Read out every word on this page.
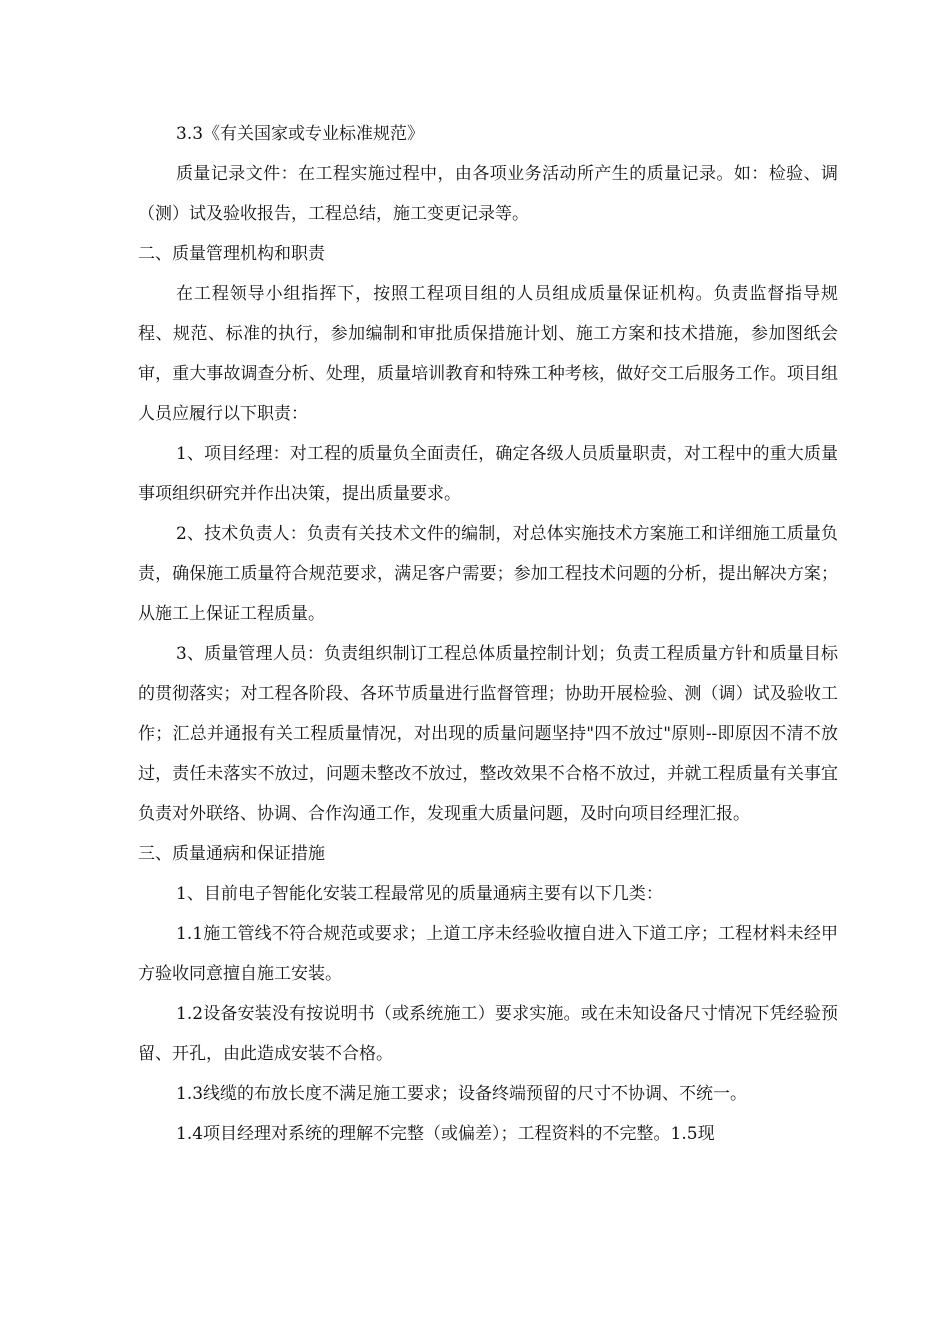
3.3《有关国家或专业标准规范》

质量记录文件：在工程实施过程中，由各项业务活动所产生的质量记录。如：检验、调（测）试及验收报告，工程总结，施工变更记录等。

二、质量管理机构和职责

在工程领导小组指挥下，按照工程项目组的人员组成质量保证机构。负责监督指导规程、规范、标准的执行，参加编制和审批质保措施计划、施工方案和技术措施，参加图纸会审，重大事故调查分析、处理，质量培训教育和特殊工种考核，做好交工后服务工作。项目组人员应履行以下职责：

1、项目经理：对工程的质量负全面责任，确定各级人员质量职责，对工程中的重大质量事项组织研究并作出决策，提出质量要求。

2、技术负责人：负责有关技术文件的编制，对总体实施技术方案施工和详细施工质量负责，确保施工质量符合规范要求，满足客户需要；参加工程技术问题的分析，提出解决方案；从施工上保证工程质量。

3、质量管理人员：负责组织制订工程总体质量控制计划；负责工程质量方针和质量目标的贯彻落实；对工程各阶段、各环节质量进行监督管理；协助开展检验、测（调）试及验收工作；汇总并通报有关工程质量情况，对出现的质量问题坚持"四不放过"原则--即原因不清不放过，责任未落实不放过，问题未整改不放过，整改效果不合格不放过，并就工程质量有关事宜负责对外联络、协调、合作沟通工作，发现重大质量问题，及时向项目经理汇报。

三、质量通病和保证措施

1、目前电子智能化安装工程最常见的质量通病主要有以下几类：

1.1施工管线不符合规范或要求；上道工序未经验收擅自进入下道工序；工程材料未经甲方验收同意擅自施工安装。

1.2设备安装没有按说明书（或系统施工）要求实施。或在未知设备尺寸情况下凭经验预留、开孔，由此造成安装不合格。

1.3线缆的布放长度不满足施工要求；设备终端预留的尺寸不协调、不统一。

1.4项目经理对系统的理解不完整（或偏差）；工程资料的不完整。1.5现
